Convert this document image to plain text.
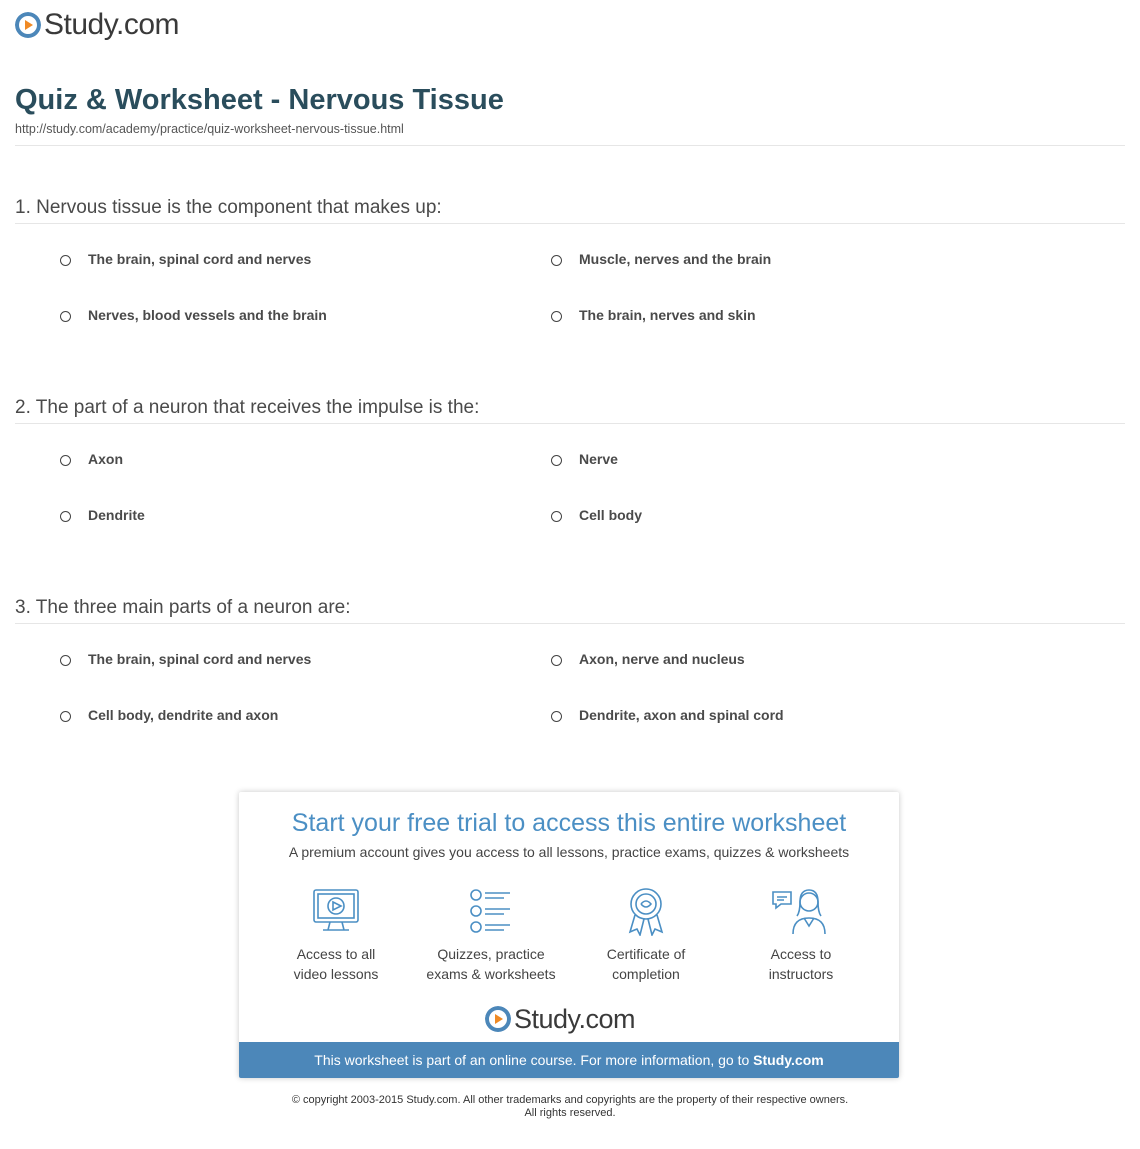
Study.com
Quiz & Worksheet - Nervous Tissue
http://study.com/academy/practice/quiz-worksheet-nervous-tissue.html
1. Nervous tissue is the component that makes up:
The brain, spinal cord and nerves	Muscle, nerves and the brain
Nerves, blood vessels and the brain	The brain, nerves and skin
2. The part of a neuron that receives the impulse is the:
Axon	Nerve
Dendrite	Cell body
3. The three main parts of a neuron are:
The brain, spinal cord and nerves	Axon, nerve and nucleus
Cell body, dendrite and axon	Dendrite, axon and spinal cord
Start your free trial to access this entire worksheet
A premium account gives you access to all lessons, practice exams, quizzes & worksheets
Access to all
video lessons
Quizzes, practice
exams & worksheets
Certificate of
completion
Access to
instructors
Study.com
This worksheet is part of an online course. For more information, go to Study.com
© copyright 2003-2015 Study.com. All other trademarks and copyrights are the property of their respective owners.
All rights reserved.
